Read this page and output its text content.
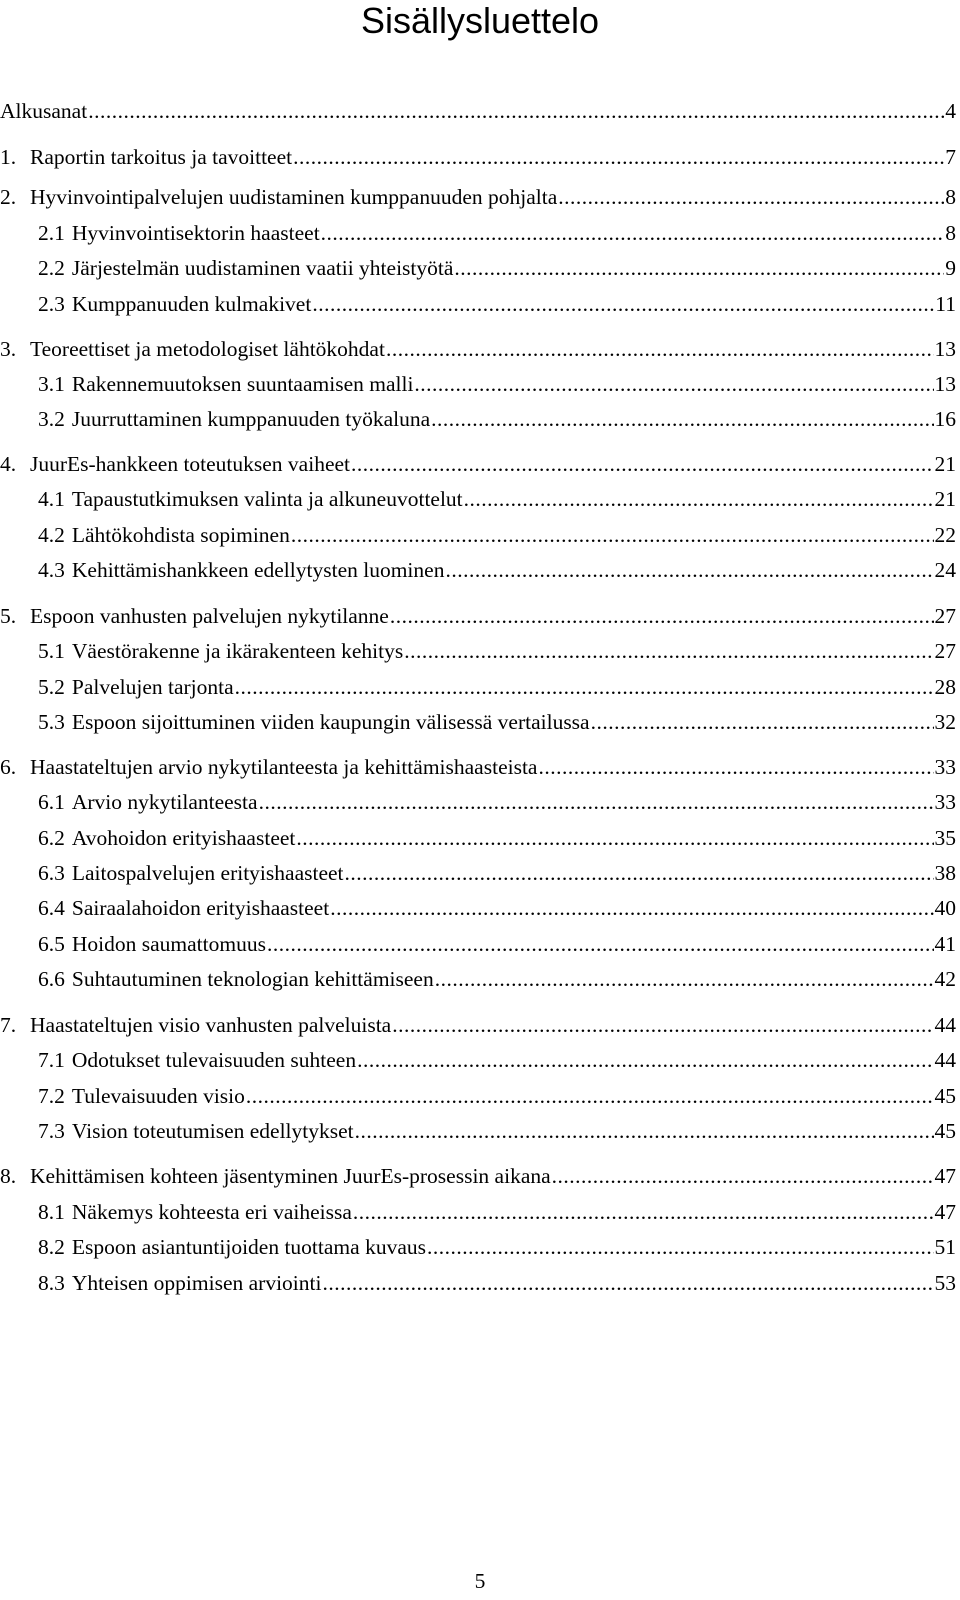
Sisällysluettelo
Alkusanat .....	4
1. Raportin tarkoitus ja tavoitteet .....	7
2. Hyvinvointipalvelujen uudistaminen kumppanuuden pohjalta .....	8
2.1 Hyvinvointisektorin haasteet .....	8
2.2 Järjestelmän uudistaminen vaatii yhteistyötä .....	9
2.3 Kumppanuuden kulmakivet .....	11
3. Teoreettiset ja metodologiset lähtökohdat .....	13
3.1 Rakennemuutoksen suuntaamisen malli .....	13
3.2 Juurruttaminen kumppanuuden työkaluna .....	16
4. JuurEs-hankkeen toteutuksen vaiheet .....	21
4.1 Tapaustutkimuksen valinta ja alkuneuvottelut .....	21
4.2 Lähtökohdista sopiminen .....	22
4.3 Kehittämishankkeen edellytysten luominen .....	24
5. Espoon vanhusten palvelujen nykytilanne .....	27
5.1 Väestörakenne ja ikärakenteen kehitys .....	27
5.2 Palvelujen tarjonta .....	28
5.3 Espoon sijoittuminen viiden kaupungin välisessä vertailussa .....	32
6. Haastateltujen arvio nykytilanteesta ja kehittämishaasteista .....	33
6.1 Arvio nykytilanteesta .....	33
6.2 Avohoidon erityishaasteet .....	35
6.3 Laitospalvelujen erityishaasteet .....	38
6.4 Sairaalahoidon erityishaasteet .....	40
6.5 Hoidon saumattomuus .....	41
6.6 Suhtautuminen teknologian kehittämiseen .....	42
7. Haastateltujen visio vanhusten palveluista .....	44
7.1 Odotukset tulevaisuuden suhteen .....	44
7.2 Tulevaisuuden visio .....	45
7.3 Vision toteutumisen edellytykset .....	45
8. Kehittämisen kohteen jäsentyminen JuurEs-prosessin aikana .....	47
8.1 Näkemys kohteesta eri vaiheissa .....	47
8.2 Espoon asiantuntijoiden tuottama kuvaus .....	51
8.3 Yhteisen oppimisen arviointi .....	53
5
